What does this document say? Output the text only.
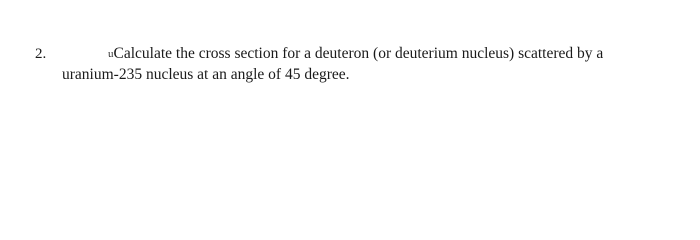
2.	uCalculate the cross section for a deuteron (or deuterium nucleus) scattered by a
uranium-235 nucleus at an angle of 45 degree.
